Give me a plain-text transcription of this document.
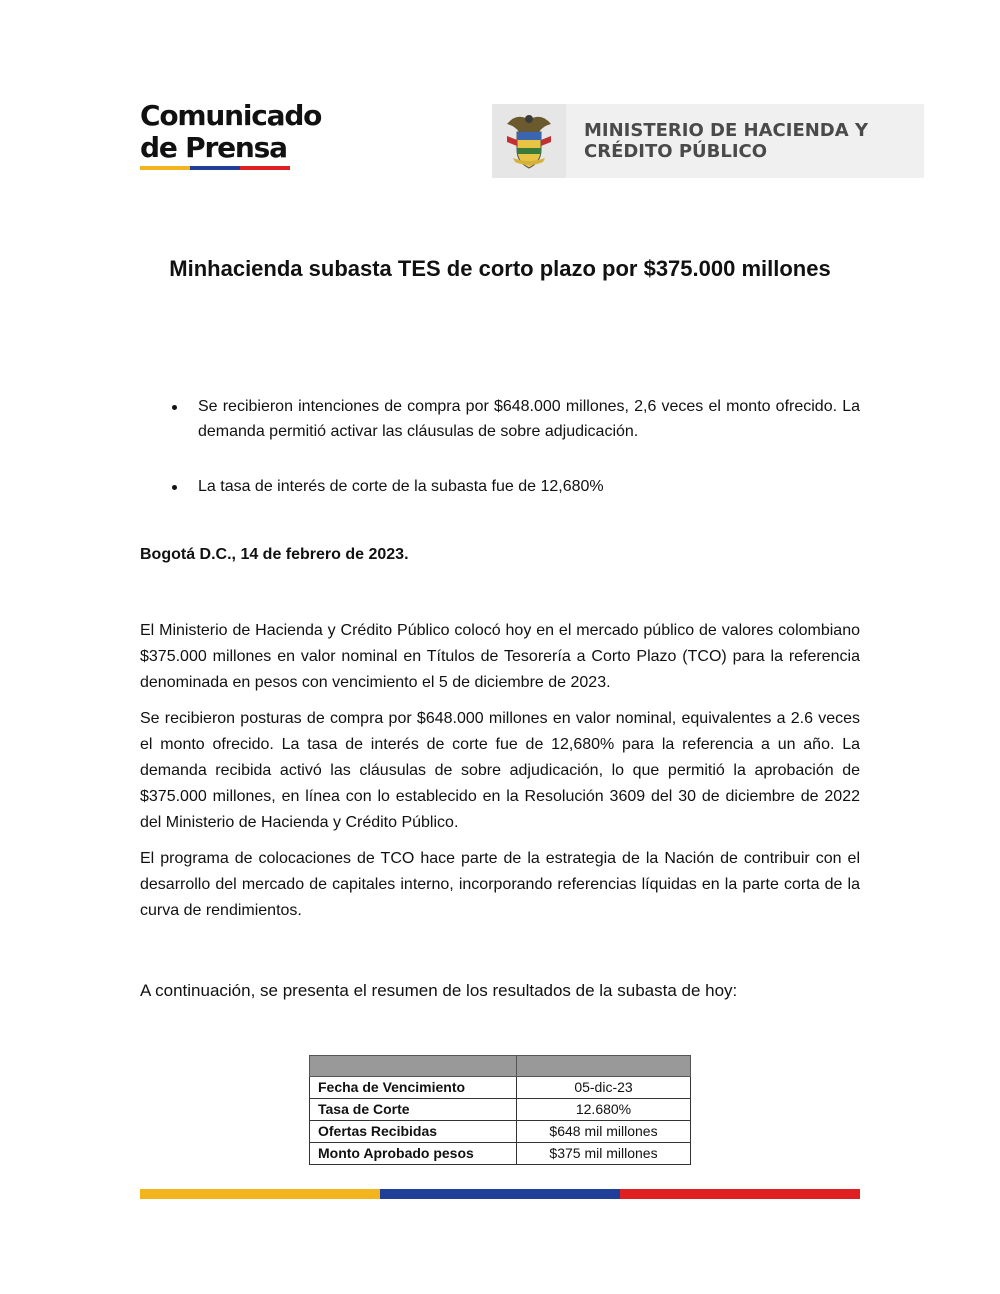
Comunicado
de Prensa
MINISTERIO DE HACIENDA Y
CRÉDITO PÚBLICO
Minhacienda subasta TES de corto plazo por $375.000 millones
Se recibieron intenciones de compra por $648.000 millones, 2,6 veces el monto ofrecido. La demanda permitió activar las cláusulas de sobre adjudicación.
La tasa de interés de corte de la subasta fue de 12,680%
Bogotá D.C., 14 de febrero de 2023.

El Ministerio de Hacienda y Crédito Público colocó hoy en el mercado público de valores colombiano $375.000 millones en valor nominal en Títulos de Tesorería a Corto Plazo (TCO) para la referencia denominada en pesos con vencimiento el 5 de diciembre de 2023.

Se recibieron posturas de compra por $648.000 millones en valor nominal, equivalentes a 2.6 veces el monto ofrecido. La tasa de interés de corte fue de 12,680% para la referencia a un año. La demanda recibida activó las cláusulas de sobre adjudicación, lo que permitió la aprobación de $375.000 millones, en línea con lo establecido en la Resolución 3609 del 30 de diciembre de 2022 del Ministerio de Hacienda y Crédito Público.

El programa de colocaciones de TCO hace parte de la estrategia de la Nación de contribuir con el desarrollo del mercado de capitales interno, incorporando referencias líquidas en la parte corta de la curva de rendimientos.

A continuación, se presenta el resumen de los resultados de la subasta de hoy:

Fecha de Vencimiento	05-dic-23
Tasa de Corte	12.680%
Ofertas Recibidas	$648 mil millones
Monto Aprobado pesos	$375 mil millones
